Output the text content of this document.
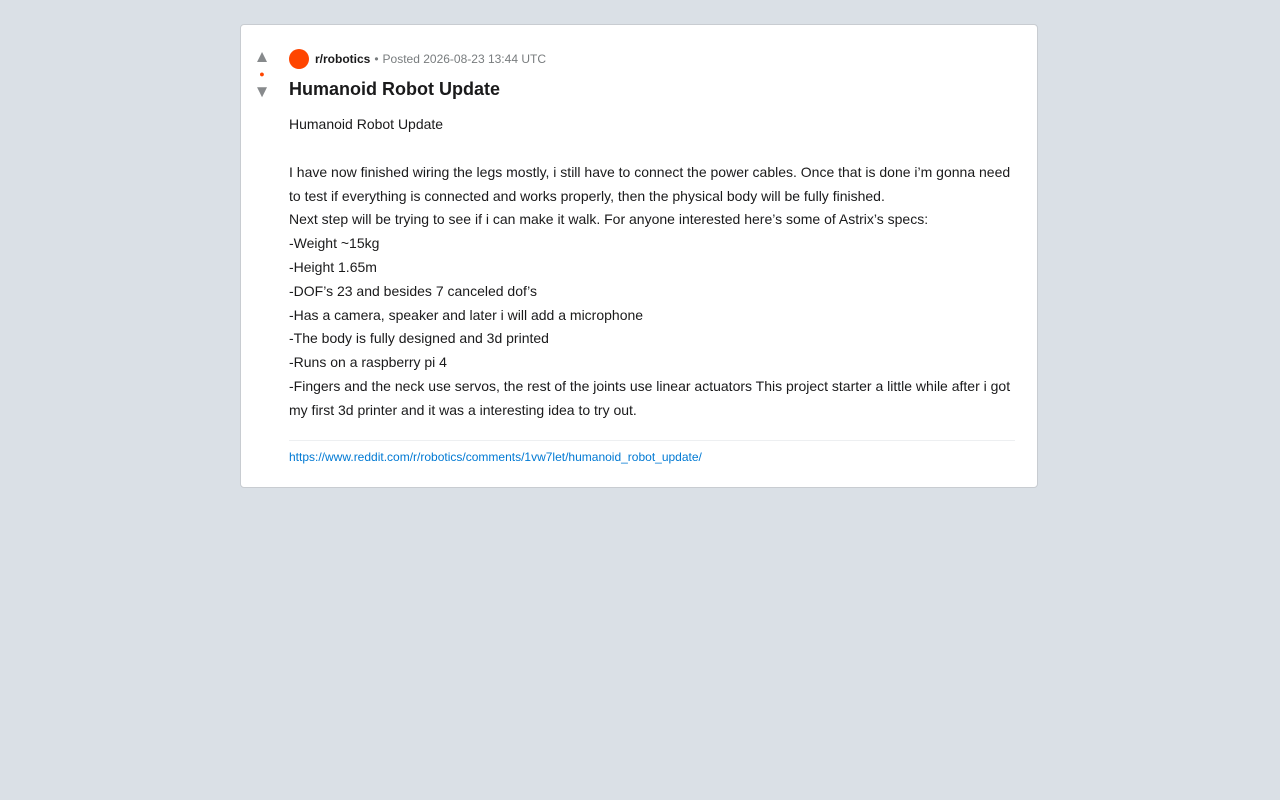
▲
●
▼
r/robotics • Posted 2026-08-23 13:44 UTC
Humanoid Robot Update

Humanoid Robot Update

I have now finished wiring the legs mostly, i still have to connect the power cables. Once that is done i’m gonna need to test if everything is connected and works properly, then the physical body will be fully finished.

Next step will be trying to see if i can make it walk. For anyone interested here’s some of Astrix’s specs:

-Weight ~15kg

-Height 1.65m

-DOF’s 23 and besides 7 canceled dof’s

-Has a camera, speaker and later i will add a microphone

-The body is fully designed and 3d printed

-Runs on a raspberry pi 4

-Fingers and the neck use servos, the rest of the joints use linear actuators This project starter a little while after i got my first 3d printer and it was a interesting idea to try out.

https://www.reddit.com/r/robotics/comments/1vw7let/humanoid_robot_update/
